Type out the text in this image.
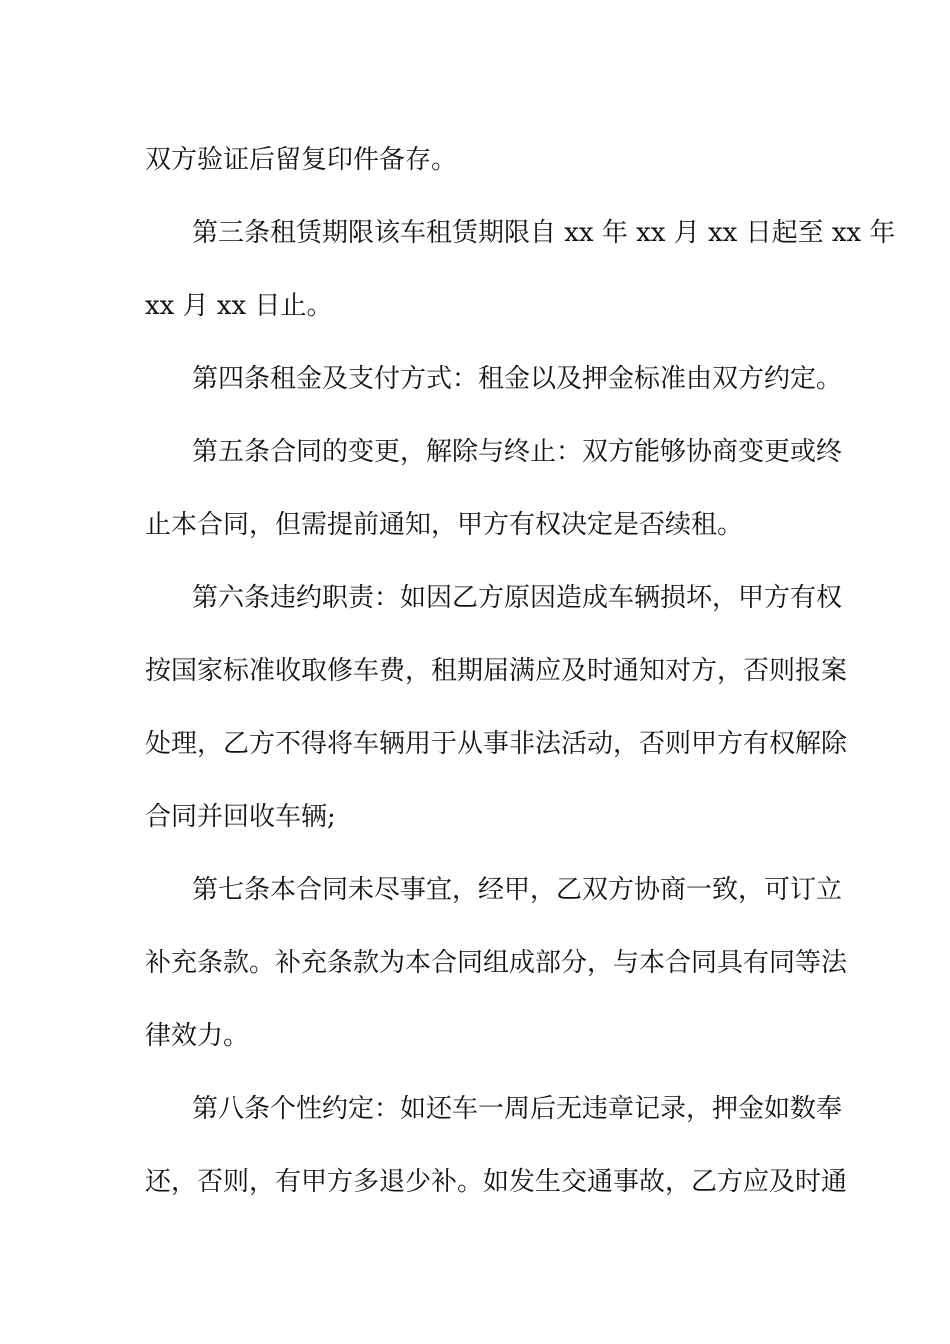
双方验证后留复印件备存。
第三条租赁期限该车租赁期限自 xx 年 xx 月 xx 日起至 xx 年
xx 月 xx 日止。
第四条租金及支付方式：租金以及押金标准由双方约定。
第五条合同的变更，解除与终止：双方能够协商变更或终
止本合同，但需提前通知，甲方有权决定是否续租。
第六条违约职责：如因乙方原因造成车辆损坏，甲方有权
按国家标准收取修车费，租期届满应及时通知对方，否则报案
处理，乙方不得将车辆用于从事非法活动，否则甲方有权解除
合同并回收车辆;
第七条本合同未尽事宜，经甲，乙双方协商一致，可订立
补充条款。补充条款为本合同组成部分，与本合同具有同等法
律效力。
第八条个性约定：如还车一周后无违章记录，押金如数奉
还，否则，有甲方多退少补。如发生交通事故，乙方应及时通
